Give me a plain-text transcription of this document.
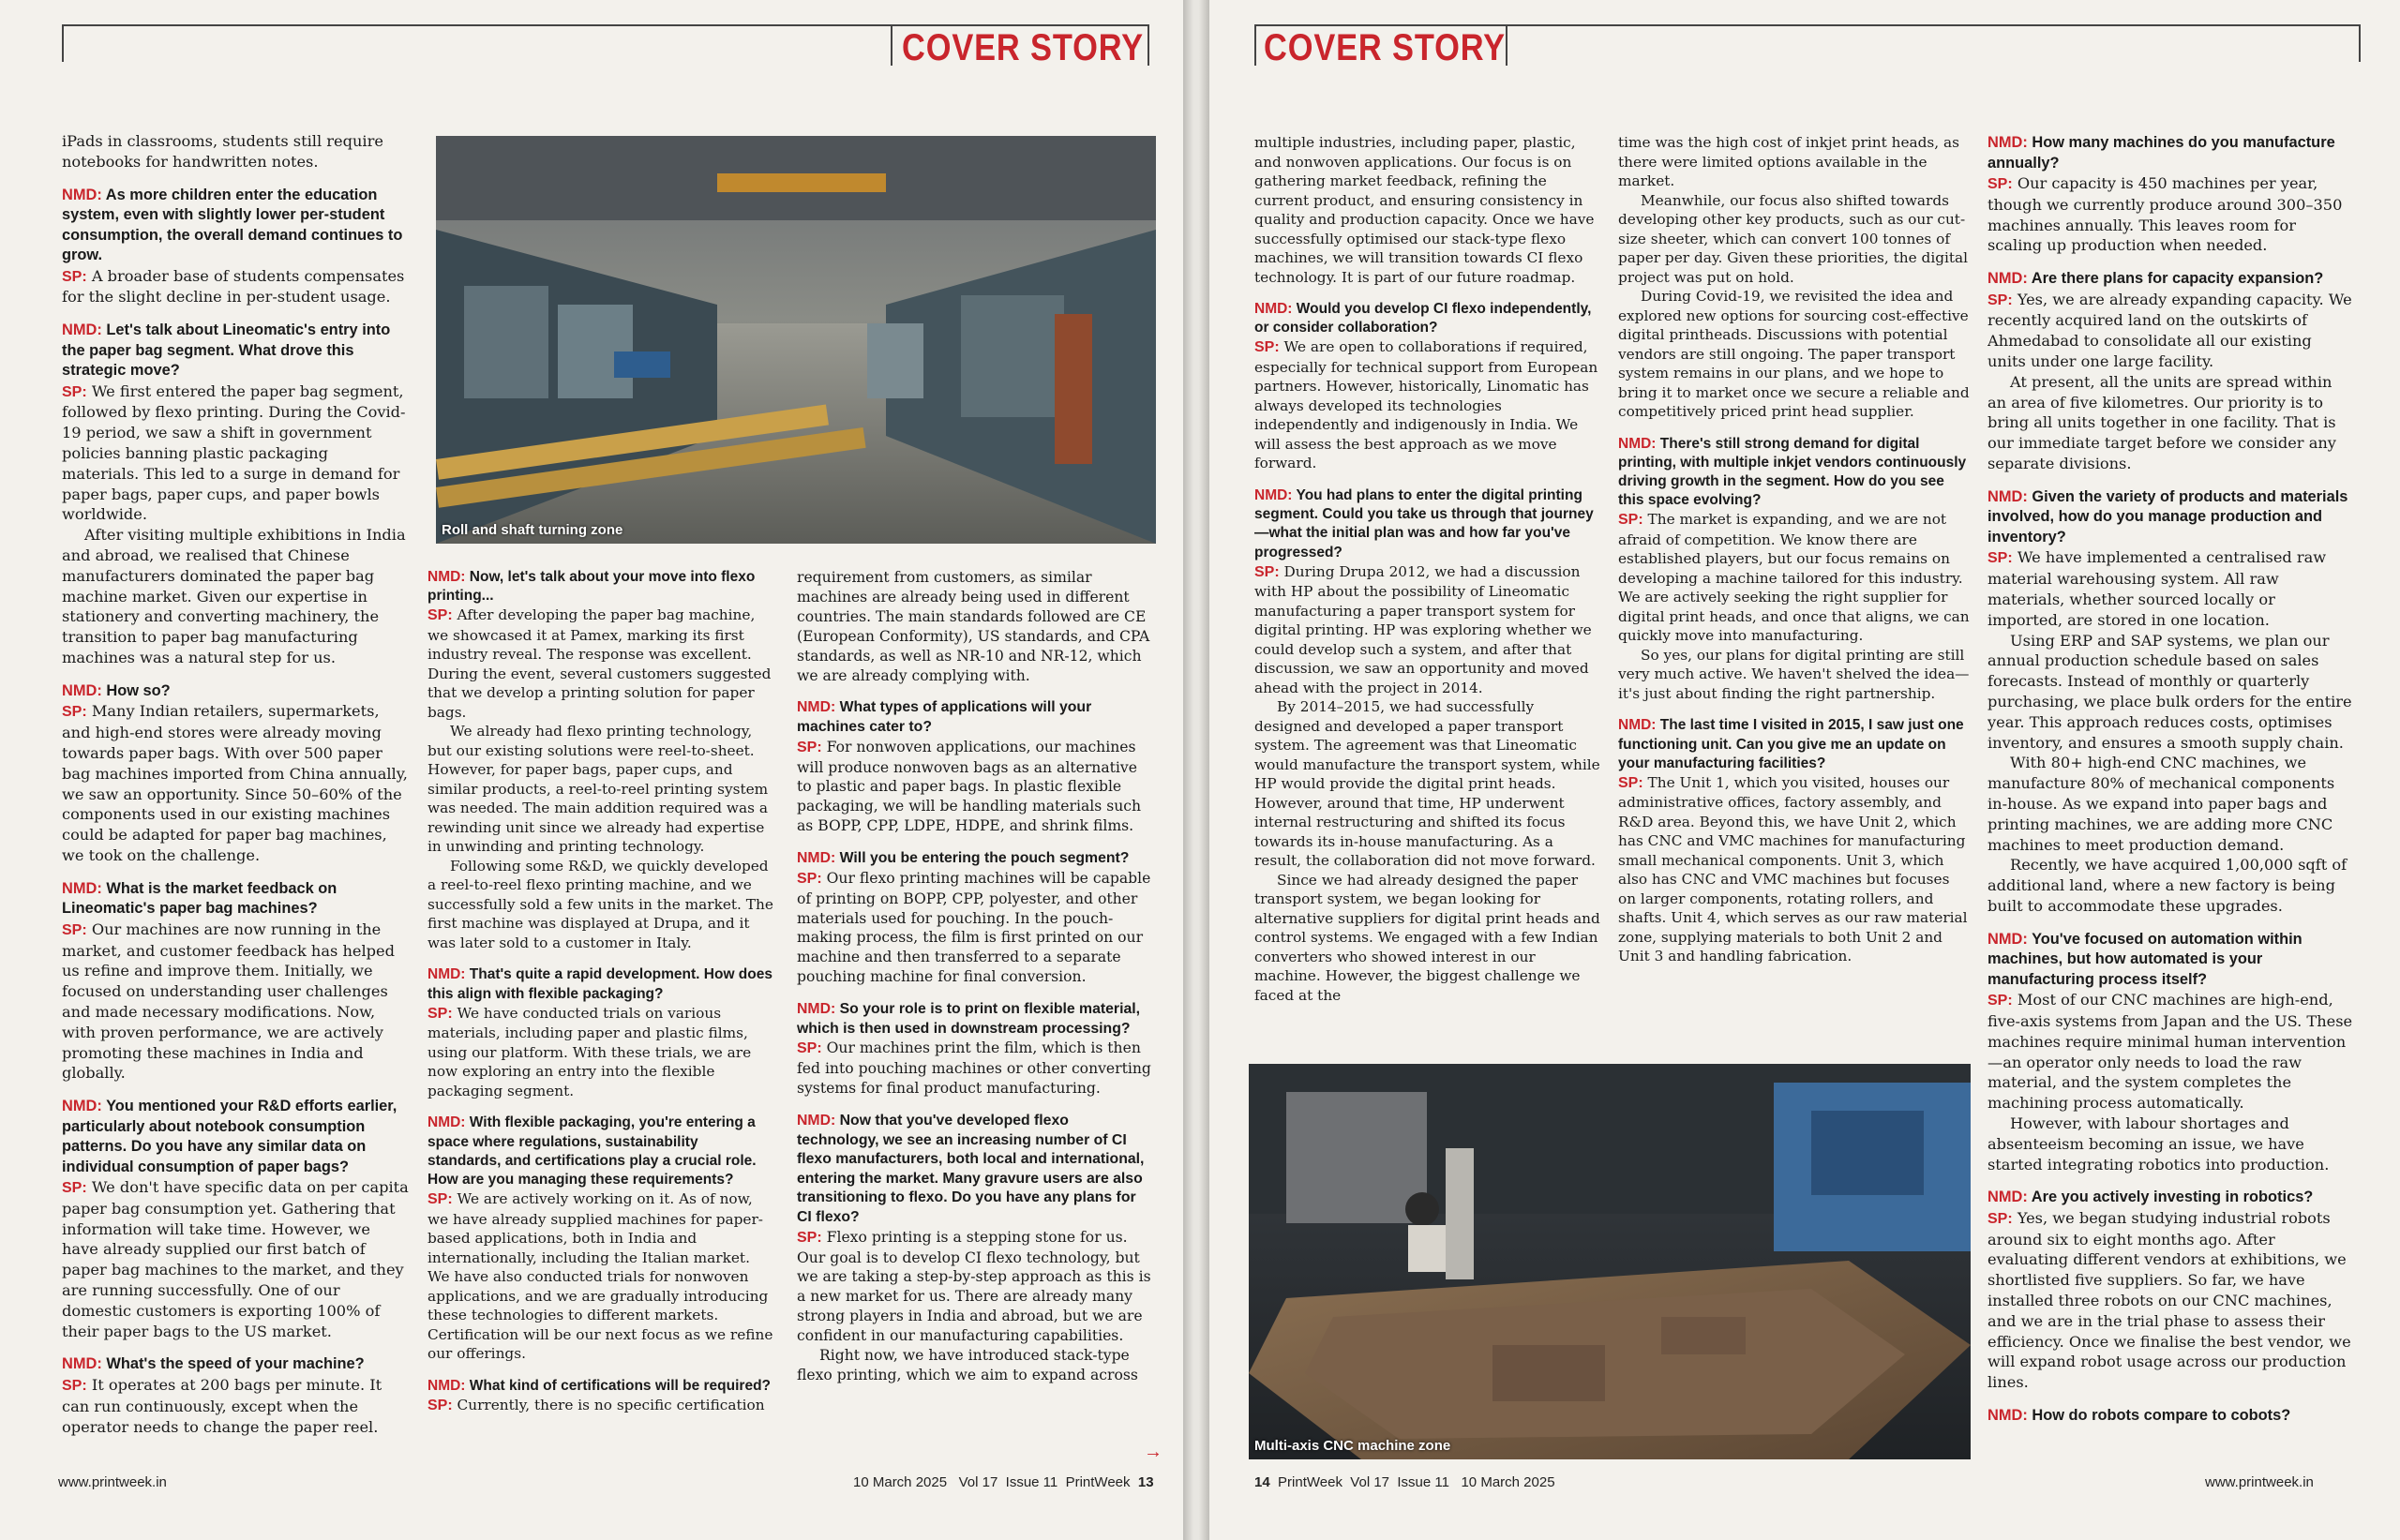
COVER STORY

iPads in classrooms, students still require notebooks for handwritten notes.

NMD: As more children enter the education system, even with slightly lower per-student consumption, the overall demand continues to grow.

SP: A broader base of students compensates for the slight decline in per-student usage.

NMD: Let's talk about Lineomatic's entry into the paper bag segment. What drove this strategic move?

SP: We first entered the paper bag segment, followed by flexo printing. During the Covid-19 period, we saw a shift in government policies banning plastic packaging materials. This led to a surge in demand for paper bags, paper cups, and paper bowls worldwide.

After visiting multiple exhibitions in India and abroad, we realised that Chinese manufacturers dominated the paper bag machine market. Given our expertise in stationery and converting machinery, the transition to paper bag manufacturing machines was a natural step for us.

NMD: How so?

SP: Many Indian retailers, supermarkets, and high-end stores were already moving towards paper bags. With over 500 paper bag machines imported from China annually, we saw an opportunity. Since 50–60% of the components used in our existing machines could be adapted for paper bag machines, we took on the challenge.

NMD: What is the market feedback on Lineomatic's paper bag machines?

SP: Our machines are now running in the market, and customer feedback has helped us refine and improve them. Initially, we focused on understanding user challenges and made necessary modifications. Now, with proven performance, we are actively promoting these machines in India and globally.

NMD: You mentioned your R&D efforts earlier, particularly about notebook consumption patterns. Do you have any similar data on individual consumption of paper bags?

SP: We don't have specific data on per capita paper bag consumption yet. Gathering that information will take time. However, we have already supplied our first batch of paper bag machines to the market, and they are running successfully. One of our domestic customers is exporting 100% of their paper bags to the US market.

NMD: What's the speed of your machine?

SP: It operates at 200 bags per minute. It can run continuously, except when the operator needs to change the paper reel.

Roll and shaft turning zone

NMD: Now, let's talk about your move into flexo printing...

SP: After developing the paper bag machine, we showcased it at Pamex, marking its first industry reveal. The response was excellent. During the event, several customers suggested that we develop a printing solution for paper bags.

We already had flexo printing technology, but our existing solutions were reel-to-sheet. However, for paper bags, paper cups, and similar products, a reel-to-reel printing system was needed. The main addition required was a rewinding unit since we already had expertise in unwinding and printing technology.

Following some R&D, we quickly developed a reel-to-reel flexo printing machine, and we successfully sold a few units in the market. The first machine was displayed at Drupa, and it was later sold to a customer in Italy.

NMD: That's quite a rapid development. How does this align with flexible packaging?

SP: We have conducted trials on various materials, including paper and plastic films, using our platform. With these trials, we are now exploring an entry into the flexible packaging segment.

NMD: With flexible packaging, you're entering a space where regulations, sustainability standards, and certifications play a crucial role. How are you managing these requirements?

SP: We are actively working on it. As of now, we have already supplied machines for paper-based applications, both in India and internationally, including the Italian market. We have also conducted trials for nonwoven applications, and we are gradually introducing these technologies to different markets. Certification will be our next focus as we refine our offerings.

NMD: What kind of certifications will be required?

SP: Currently, there is no specific certification

requirement from customers, as similar machines are already being used in different countries. The main standards followed are CE (European Conformity), US standards, and CPA standards, as well as NR-10 and NR-12, which we are already complying with.

NMD: What types of applications will your machines cater to?

SP: For nonwoven applications, our machines will produce nonwoven bags as an alternative to plastic and paper bags. In plastic flexible packaging, we will be handling materials such as BOPP, CPP, LDPE, HDPE, and shrink films.

NMD: Will you be entering the pouch segment?

SP: Our flexo printing machines will be capable of printing on BOPP, CPP, polyester, and other materials used for pouching. In the pouch-making process, the film is first printed on our machine and then transferred to a separate pouching machine for final conversion.

NMD: So your role is to print on flexible material, which is then used in downstream processing?

SP: Our machines print the film, which is then fed into pouching machines or other converting systems for final product manufacturing.

NMD: Now that you've developed flexo technology, we see an increasing number of CI flexo manufacturers, both local and international, entering the market. Many gravure users are also transitioning to flexo. Do you have any plans for CI flexo?

SP: Flexo printing is a stepping stone for us. Our goal is to develop CI flexo technology, but we are taking a step-by-step approach as this is a new market for us. There are already many strong players in India and abroad, but we are confident in our manufacturing capabilities.

Right now, we have introduced stack-type flexo printing, which we aim to expand across

→
www.printweek.in	10 March 2025 Vol 17 Issue 11 PrintWeek 13
COVER STORY

multiple industries, including paper, plastic, and nonwoven applications. Our focus is on gathering market feedback, refining the current product, and ensuring consistency in quality and production capacity. Once we have successfully optimised our stack-type flexo machines, we will transition towards CI flexo technology. It is part of our future roadmap.

NMD: Would you develop CI flexo independently, or consider collaboration?

SP: We are open to collaborations if required, especially for technical support from European partners. However, historically, Linomatic has always developed its technologies independently and indigenously in India. We will assess the best approach as we move forward.

NMD: You had plans to enter the digital printing segment. Could you take us through that journey—what the initial plan was and how far you've progressed?

SP: During Drupa 2012, we had a discussion with HP about the possibility of Lineomatic manufacturing a paper transport system for digital printing. HP was exploring whether we could develop such a system, and after that discussion, we saw an opportunity and moved ahead with the project in 2014.

By 2014–2015, we had successfully designed and developed a paper transport system. The agreement was that Lineomatic would manufacture the transport system, while HP would provide the digital print heads. However, around that time, HP underwent internal restructuring and shifted its focus towards its in-house manufacturing. As a result, the collaboration did not move forward.

Since we had already designed the paper transport system, we began looking for alternative suppliers for digital print heads and control systems. We engaged with a few Indian converters who showed interest in our machine. However, the biggest challenge we faced at the

time was the high cost of inkjet print heads, as there were limited options available in the market.

Meanwhile, our focus also shifted towards developing other key products, such as our cut-size sheeter, which can convert 100 tonnes of paper per day. Given these priorities, the digital project was put on hold.

During Covid-19, we revisited the idea and explored new options for sourcing cost-effective digital printheads. Discussions with potential vendors are still ongoing. The paper transport system remains in our plans, and we hope to bring it to market once we secure a reliable and competitively priced print head supplier.

NMD: There's still strong demand for digital printing, with multiple inkjet vendors continuously driving growth in the segment. How do you see this space evolving?

SP: The market is expanding, and we are not afraid of competition. We know there are established players, but our focus remains on developing a machine tailored for this industry. We are actively seeking the right supplier for digital print heads, and once that aligns, we can quickly move into manufacturing.

So yes, our plans for digital printing are still very much active. We haven't shelved the idea—it's just about finding the right partnership.

NMD: The last time I visited in 2015, I saw just one functioning unit. Can you give me an update on your manufacturing facilities?

SP: The Unit 1, which you visited, houses our administrative offices, factory assembly, and R&D area. Beyond this, we have Unit 2, which has CNC and VMC machines for manufacturing small mechanical components. Unit 3, which also has CNC and VMC machines but focuses on larger components, rotating rollers, and shafts. Unit 4, which serves as our raw material zone, supplying materials to both Unit 2 and Unit 3 and handling fabrication.

NMD: How many machines do you manufacture annually?

SP: Our capacity is 450 machines per year, though we currently produce around 300–350 machines annually. This leaves room for scaling up production when needed.

NMD: Are there plans for capacity expansion?

SP: Yes, we are already expanding capacity. We recently acquired land on the outskirts of Ahmedabad to consolidate all our existing units under one large facility.

At present, all the units are spread within an area of five kilometres. Our priority is to bring all units together in one facility. That is our immediate target before we consider any separate divisions.

NMD: Given the variety of products and materials involved, how do you manage production and inventory?

SP: We have implemented a centralised raw material warehousing system. All raw materials, whether sourced locally or imported, are stored in one location.

Using ERP and SAP systems, we plan our annual production schedule based on sales forecasts. Instead of monthly or quarterly purchasing, we place bulk orders for the entire year. This approach reduces costs, optimises inventory, and ensures a smooth supply chain.

With 80+ high-end CNC machines, we manufacture 80% of mechanical components in-house. As we expand into paper bags and printing machines, we are adding more CNC machines to meet production demand.

Recently, we have acquired 1,00,000 sqft of additional land, where a new factory is being built to accommodate these upgrades.

NMD: You've focused on automation within machines, but how automated is your manufacturing process itself?

SP: Most of our CNC machines are high-end, five-axis systems from Japan and the US. These machines require minimal human intervention—an operator only needs to load the raw material, and the system completes the machining process automatically.

However, with labour shortages and absenteeism becoming an issue, we have started integrating robotics into production.

NMD: Are you actively investing in robotics?

SP: Yes, we began studying industrial robots around six to eight months ago. After evaluating different vendors at exhibitions, we shortlisted five suppliers. So far, we have installed three robots on our CNC machines, and we are in the trial phase to assess their efficiency. Once we finalise the best vendor, we will expand robot usage across our production lines.

NMD: How do robots compare to cobots?

Multi-axis CNC machine zone
14 PrintWeek Vol 17 Issue 11 10 March 2025	www.printweek.in
